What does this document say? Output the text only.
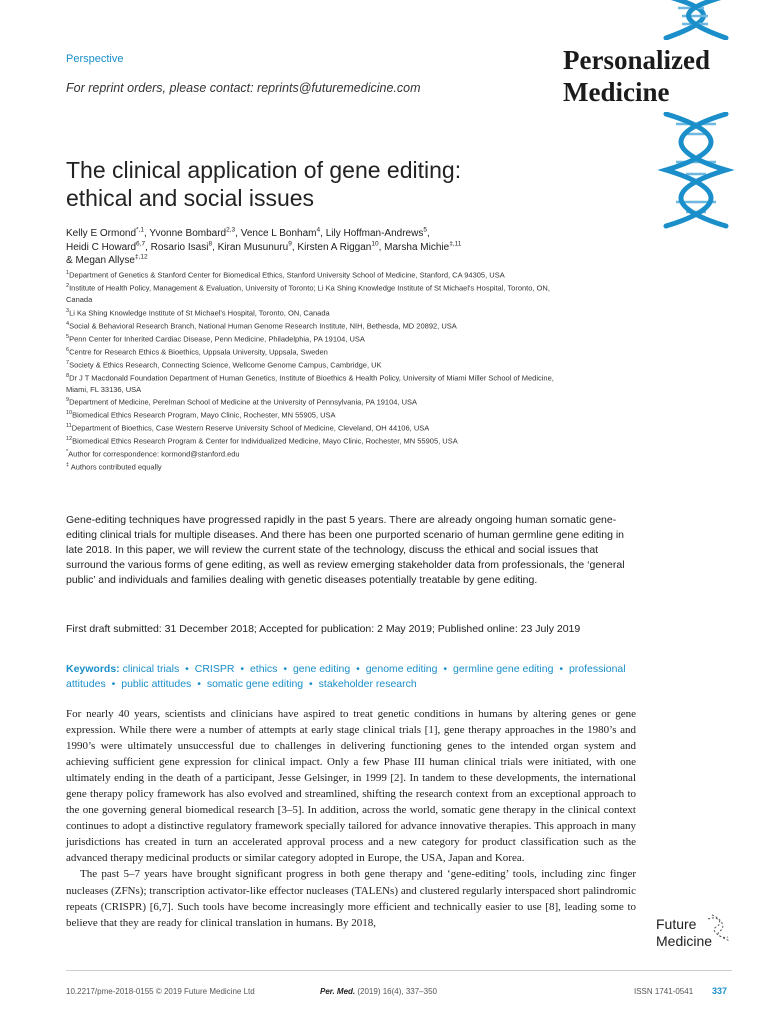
Perspective
For reprint orders, please contact: reprints@futuremedicine.com
Personalized
Medicine
The clinical application of gene editing:
ethical and social issues
Kelly E Ormond$^{*,1}$, Yvonne Bombard$^{2,3}$, Vence L Bonham$^4$, Lily Hoffman-Andrews$^5$,
Heidi C Howard$^{6,7}$, Rosario Isasi$^8$, Kiran Musunuru$^9$, Kirsten A Riggan$^{10}$, Marsha Michie$^{\ddagger,11}$
& Megan Allyse$^{\ddagger,12}$

$^1$Department of Genetics & Stanford Center for Biomedical Ethics, Stanford University School of Medicine, Stanford, CA 94305, USA

$^2$Institute of Health Policy, Management & Evaluation, University of Toronto; Li Ka Shing Knowledge Institute of St Michael's Hospital, Toronto, ON, Canada

$^3$Li Ka Shing Knowledge Institute of St Michael's Hospital, Toronto, ON, Canada

$^4$Social & Behavioral Research Branch, National Human Genome Research Institute, NIH, Bethesda, MD 20892, USA

$^5$Penn Center for Inherited Cardiac Disease, Penn Medicine, Philadelphia, PA 19104, USA

$^6$Centre for Research Ethics & Bioethics, Uppsala University, Uppsala, Sweden

$^7$Society & Ethics Research, Connecting Science, Wellcome Genome Campus, Cambridge, UK

$^8$Dr J T Macdonald Foundation Department of Human Genetics, Institute of Bioethics & Health Policy, University of Miami Miller School of Medicine, Miami, FL 33136, USA

$^9$Department of Medicine, Perelman School of Medicine at the University of Pennsylvania, PA 19104, USA

$^{10}$Biomedical Ethics Research Program, Mayo Clinic, Rochester, MN 55905, USA

$^{11}$Department of Bioethics, Case Western Reserve University School of Medicine, Cleveland, OH 44106, USA

$^{12}$Biomedical Ethics Research Program & Center for Individualized Medicine, Mayo Clinic, Rochester, MN 55905, USA

*Author for correspondence: kormond@stanford.edu

‡ Authors contributed equally

Gene-editing techniques have progressed rapidly in the past 5 years. There are already ongoing human somatic gene-editing clinical trials for multiple diseases. And there has been one purported scenario of human germline gene editing in late 2018. In this paper, we will review the current state of the technology, discuss the ethical and social issues that surround the various forms of gene editing, as well as review emerging stakeholder data from professionals, the ‘general public’ and individuals and families dealing with genetic diseases potentially treatable by gene editing.
First draft submitted: 31 December 2018; Accepted for publication: 2 May 2019; Published online: 23 July 2019
Keywords: clinical trials • CRISPR • ethics • gene editing • genome editing • germline gene editing • professional attitudes • public attitudes • somatic gene editing • stakeholder research

For nearly 40 years, scientists and clinicians have aspired to treat genetic conditions in humans by altering genes or gene expression. While there were a number of attempts at early stage clinical trials [1], gene therapy approaches in the 1980’s and 1990’s were ultimately unsuccessful due to challenges in delivering functioning genes to the intended organ system and achieving sufficient gene expression for clinical impact. Only a few Phase III human clinical trials were initiated, with one ultimately ending in the death of a participant, Jesse Gelsinger, in 1999 [2]. In tandem to these developments, the international gene therapy policy framework has also evolved and streamlined, shifting the research context from an exceptional approach to the one governing general biomedical research [3–5]. In addition, across the world, somatic gene therapy in the clinical context continues to adopt a distinctive regulatory framework specially tailored for advance innovative therapies. This approach in many jurisdictions has created in turn an accelerated approval process and a new category for product classification such as the advanced therapy medicinal products or similar category adopted in Europe, the USA, Japan and Korea.

The past 5–7 years have brought significant progress in both gene therapy and ‘gene-editing’ tools, including zinc finger nucleases (ZFNs); transcription activator-like effector nucleases (TALENs) and clustered regularly interspaced short palindromic repeats (CRISPR) [6,7]. Such tools have become increasingly more efficient and technically easier to use [8], leading some to believe that they are ready for clinical translation in humans. By 2018,	Future
Medicine
10.2217/pme-2018-0155 © 2019 Future Medicine Ltd	Per. Med. (2019) 16(4), 337–350	ISSN 1741-0541 337
